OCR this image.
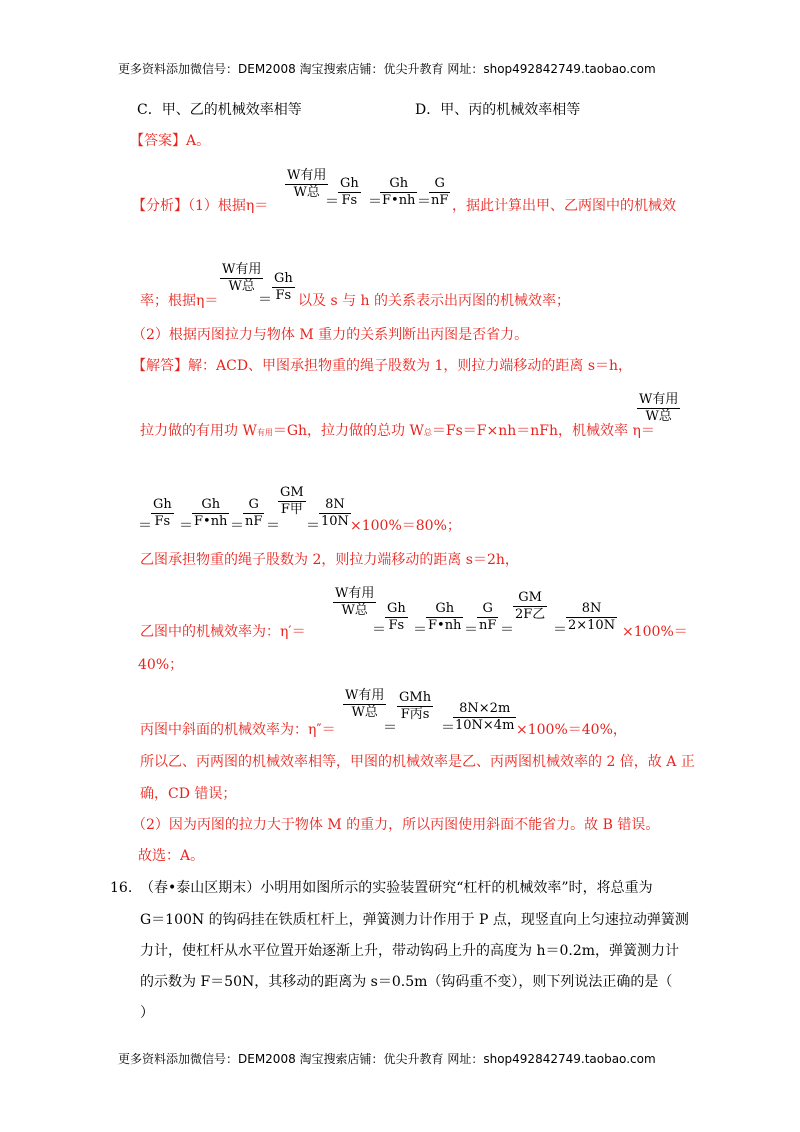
更多资料添加微信号：DEM2008 淘宝搜索店铺：优尖升教育 网址：shop492842749.taobao.com
C．甲、乙的机械效率相等	D．甲、丙的机械效率相等
【答案】A。
【分析】（1）根据η＝
W有用
W总
＝ $\frac{Gh}{Fs}$ ＝
$\frac{Gh}{F•nh}$ ＝
$\frac{G}{nF}$ ，据此计算出甲、乙两图中的机械效
率；根据η＝
W有用
W总
＝ $\frac{Gh}{Fs}$ 以及 s 与 h 的关系表示出丙图的机械效率；
（2）根据丙图拉力与物体 M 重力的关系判断出丙图是否省力。
【解答】解：ACD、甲图承担物重的绳子股数为 1，则拉力端移动的距离 s＝h，
拉力做的有用功 W有用＝Gh，拉力做的总功 W总＝Fs＝F×nh＝nFh，机械效率 η＝
W有用
W总
＝ $\frac{Gh}{Fs} = \frac{Gh}{F•nh} = \frac{G}{nF}$ ＝
GM
F甲
＝ $\frac{8N}{10N} \times 100\%=80\%$；
乙图承担物重的绳子股数为 2，则拉力端移动的距离 s＝2h，
乙图中的机械效率为：η′＝
W有用
W总
＝ $\frac{Gh}{Fs} = \frac{Gh}{F•nh} = \frac{G}{nF}$ ＝
GM
2F乙
＝ $\frac{8N}{2\times 10N} \times 100\%=$
40%；
丙图中斜面的机械效率为：η″＝
W有用
W总
＝
GMh
F丙s
＝
$\frac{8N\times 2m}{10N\times 4m} \times 100\%=40\%$，
所以乙、丙两图的机械效率相等，甲图的机械效率是乙、丙两图机械效率的 2 倍，故 A 正
确，CD 错误；
（2）因为丙图的拉力大于物体 M 的重力，所以丙图使用斜面不能省力。故 B 错误。
故选：A。
16. （春•泰山区期末）小明用如图所示的实验装置研究“杠杆的机械效率”时，将总重为
G＝100N 的钩码挂在铁质杠杆上，弹簧测力计作用于 P 点，现竖直向上匀速拉动弹簧测
力计，使杠杆从水平位置开始逐渐上升，带动钩码上升的高度为 h＝0.2m，弹簧测力计
的示数为 F＝50N，其移动的距离为 s＝0.5m（钩码重不变），则下列说法正确的是（
）
更多资料添加微信号：DEM2008 淘宝搜索店铺：优尖升教育 网址：shop492842749.taobao.com
